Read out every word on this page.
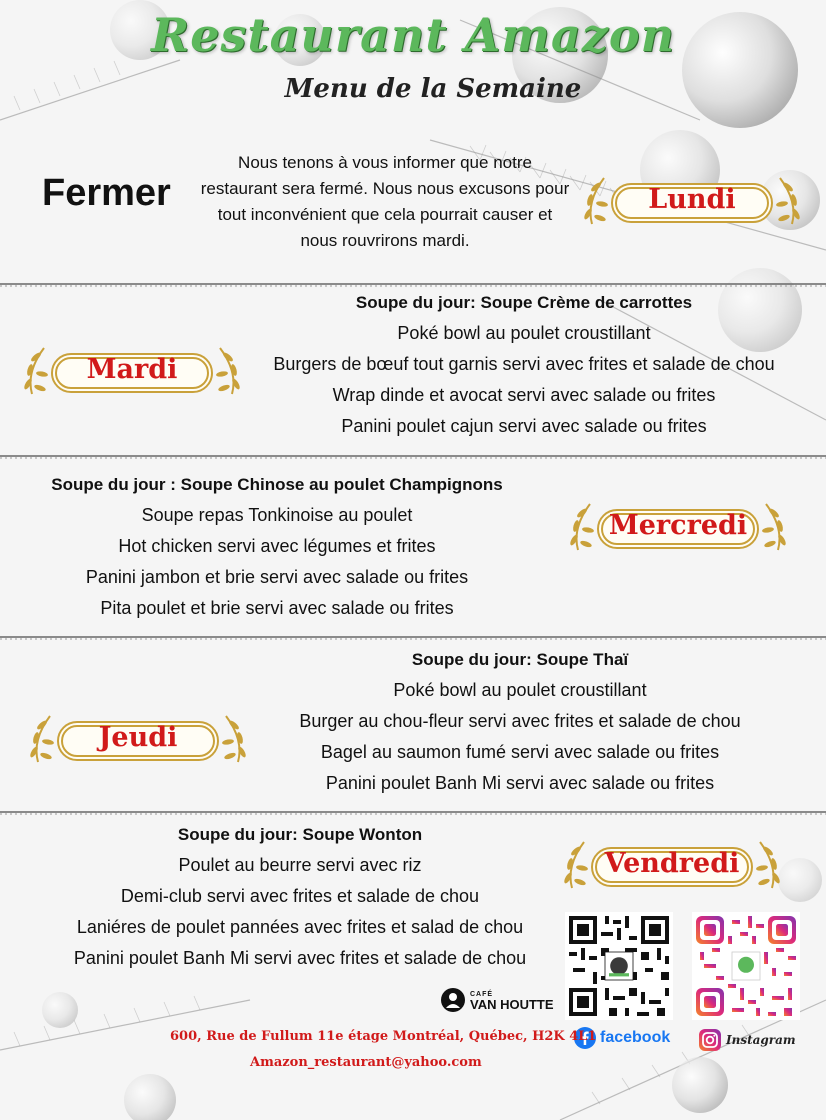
Restaurant Amazon
Menu de la Semaine
Fermer
Nous tenons à vous informer que notre restaurant sera fermé. Nous nous excusons pour tout inconvénient que cela pourrait causer et nous rouvrirons mardi.
Lundi
Soupe du jour: Soupe Crème de carrottes
Poké bowl au poulet croustillant
Burgers de bœuf tout garnis servi avec frites et salade de chou
Wrap dinde et avocat servi avec salade ou frites
Panini poulet cajun servi avec salade ou frites
Mardi
Soupe du jour : Soupe Chinose au poulet Champignons
Soupe repas Tonkinoise au poulet
Hot chicken servi avec légumes et frites
Panini jambon et brie servi avec salade ou frites
Pita poulet et brie servi avec salade ou frites
Mercredi
Soupe du jour: Soupe Thaï
Poké bowl au poulet croustillant
Burger au chou-fleur servi avec frites et salade de chou
Bagel au saumon fumé servi avec salade ou frites
Panini poulet Banh Mi servi avec salade ou frites
Jeudi
Soupe du jour: Soupe Wonton
Poulet au beurre servi avec riz
Demi-club servi avec frites et salade de chou
Laniéres de poulet pannées avec frites et salad de chou
Panini poulet Banh Mi servi avec frites et salade de chou
Vendredi
CAFÉ
VAN HOUTTE
facebook	Instagram
600, Rue de Fullum 11e étage Montréal, Québec, H2K 4L1
Amazon_restaurant@yahoo.com
